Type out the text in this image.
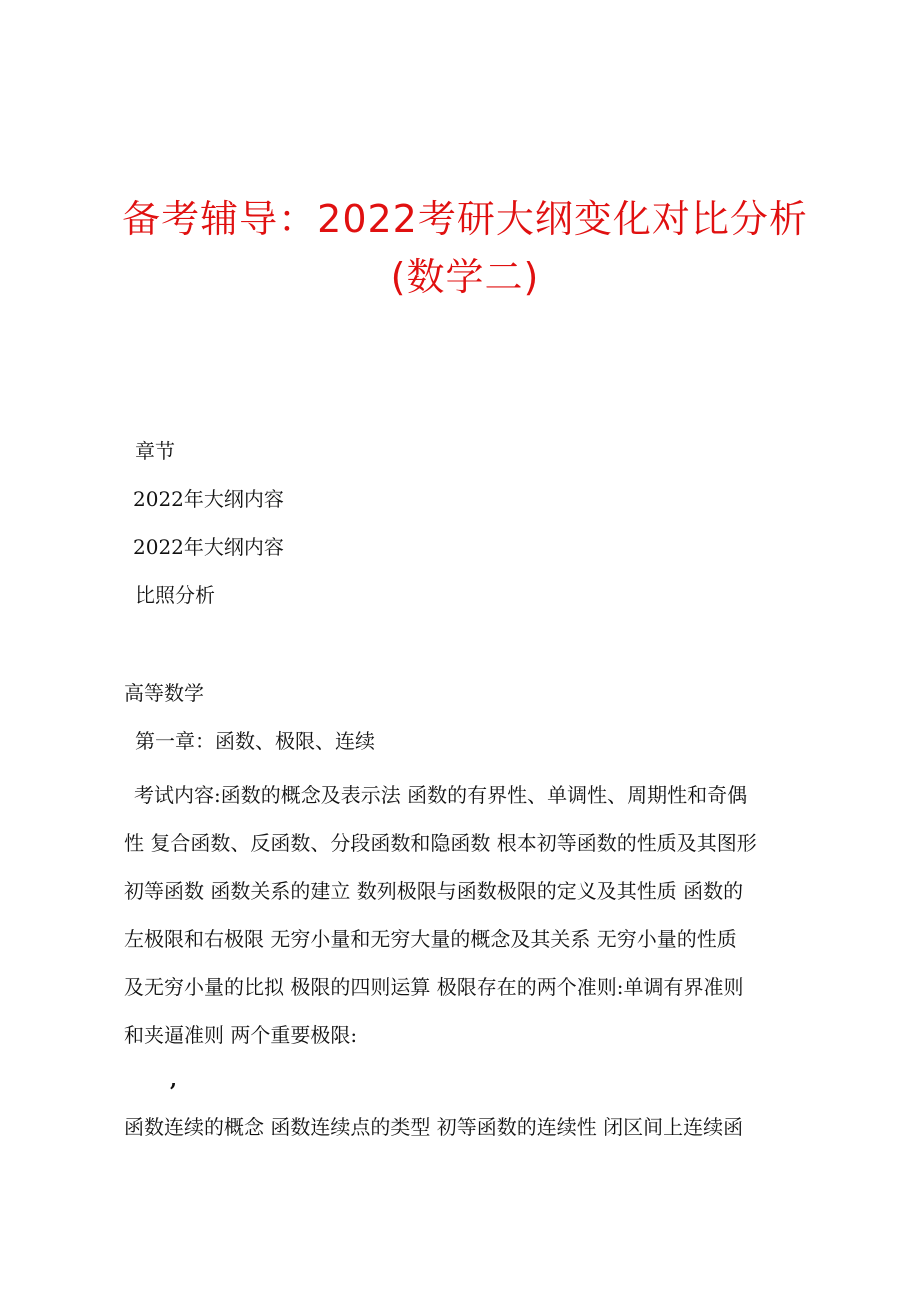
备考辅导：2022考研大纲变化对比分析(数学二)
章节
2022年大纲内容
2022年大纲内容
比照分析
高等数学
第一章：函数、极限、连续
考试内容:函数的概念及表示法 函数的有界性、单调性、周期性和奇偶
性 复合函数、反函数、分段函数和隐函数 根本初等函数的性质及其图形
初等函数 函数关系的建立 数列极限与函数极限的定义及其性质 函数的
左极限和右极限 无穷小量和无穷大量的概念及其关系 无穷小量的性质
及无穷小量的比拟 极限的四则运算 极限存在的两个准则:单调有界准则
和夹逼准则 两个重要极限:
,
函数连续的概念 函数连续点的类型 初等函数的连续性 闭区间上连续函
